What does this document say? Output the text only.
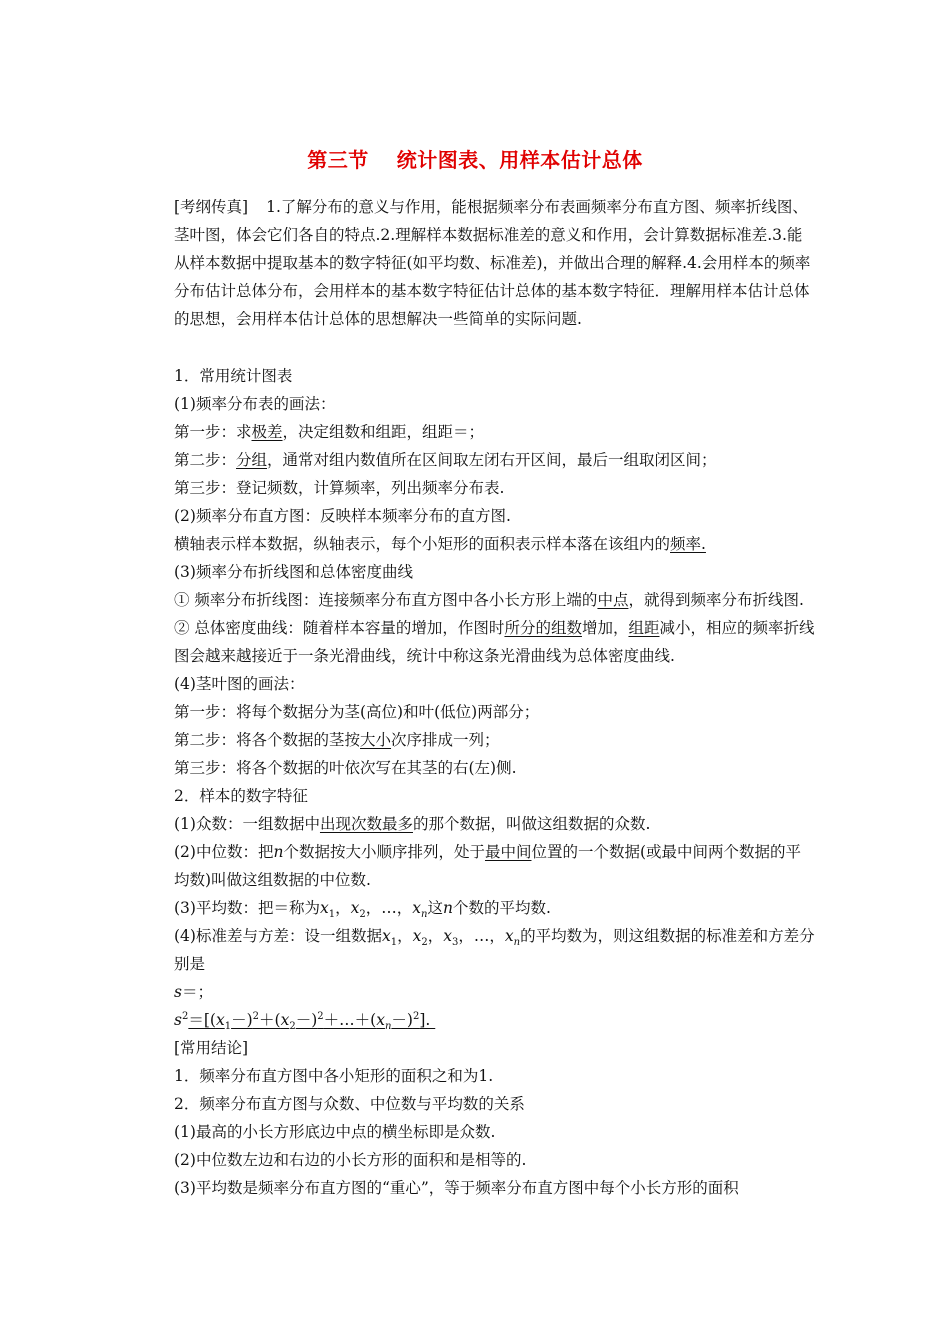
第三节 统计图表、用样本估计总体
[考纲传真] 1.了解分布的意义与作用，能根据频率分布表画频率分布直方图、频率折线图、茎叶图，体会它们各自的特点.2.理解样本数据标准差的意义和作用，会计算数据标准差.3.能从样本数据中提取基本的数字特征(如平均数、标准差)，并做出合理的解释.4.会用样本的频率分布估计总体分布，会用样本的基本数字特征估计总体的基本数字特征．理解用样本估计总体的思想，会用样本估计总体的思想解决一些简单的实际问题.

1．常用统计图表

(1)频率分布表的画法：

第一步：求极差，决定组数和组距，组距＝；

第二步：分组，通常对组内数值所在区间取左闭右开区间，最后一组取闭区间；

第三步：登记频数，计算频率，列出频率分布表.

(2)频率分布直方图：反映样本频率分布的直方图.

横轴表示样本数据，纵轴表示，每个小矩形的面积表示样本落在该组内的频率.

(3)频率分布折线图和总体密度曲线

① 频率分布折线图：连接频率分布直方图中各小长方形上端的中点，就得到频率分布折线图.

② 总体密度曲线：随着样本容量的增加，作图时所分的组数增加，组距减小，相应的频率折线图会越来越接近于一条光滑曲线，统计中称这条光滑曲线为总体密度曲线.

(4)茎叶图的画法：

第一步：将每个数据分为茎(高位)和叶(低位)两部分；

第二步：将各个数据的茎按大小次序排成一列；

第三步：将各个数据的叶依次写在其茎的右(左)侧.

2．样本的数字特征

(1)众数：一组数据中出现次数最多的那个数据，叫做这组数据的众数.

(2)中位数：把n个数据按大小顺序排列，处于最中间位置的一个数据(或最中间两个数据的平均数)叫做这组数据的中位数.

(3)平均数：把＝称为$x_1$，$x_2$，…，$x_n$这n个数的平均数.

(4)标准差与方差：设一组数据$x_1$，$x_2$，$x_3$，…，$x_n$的平均数为，则这组数据的标准差和方差分别是

s＝；

$s^2=[(x_1-)^2+(x_2-)^2+\dots+(x_n-)^2]$.

[常用结论]

1．频率分布直方图中各小矩形的面积之和为1.

2．频率分布直方图与众数、中位数与平均数的关系

(1)最高的小长方形底边中点的横坐标即是众数.

(2)中位数左边和右边的小长方形的面积和是相等的.

(3)平均数是频率分布直方图的“重心”，等于频率分布直方图中每个小长方形的面积
